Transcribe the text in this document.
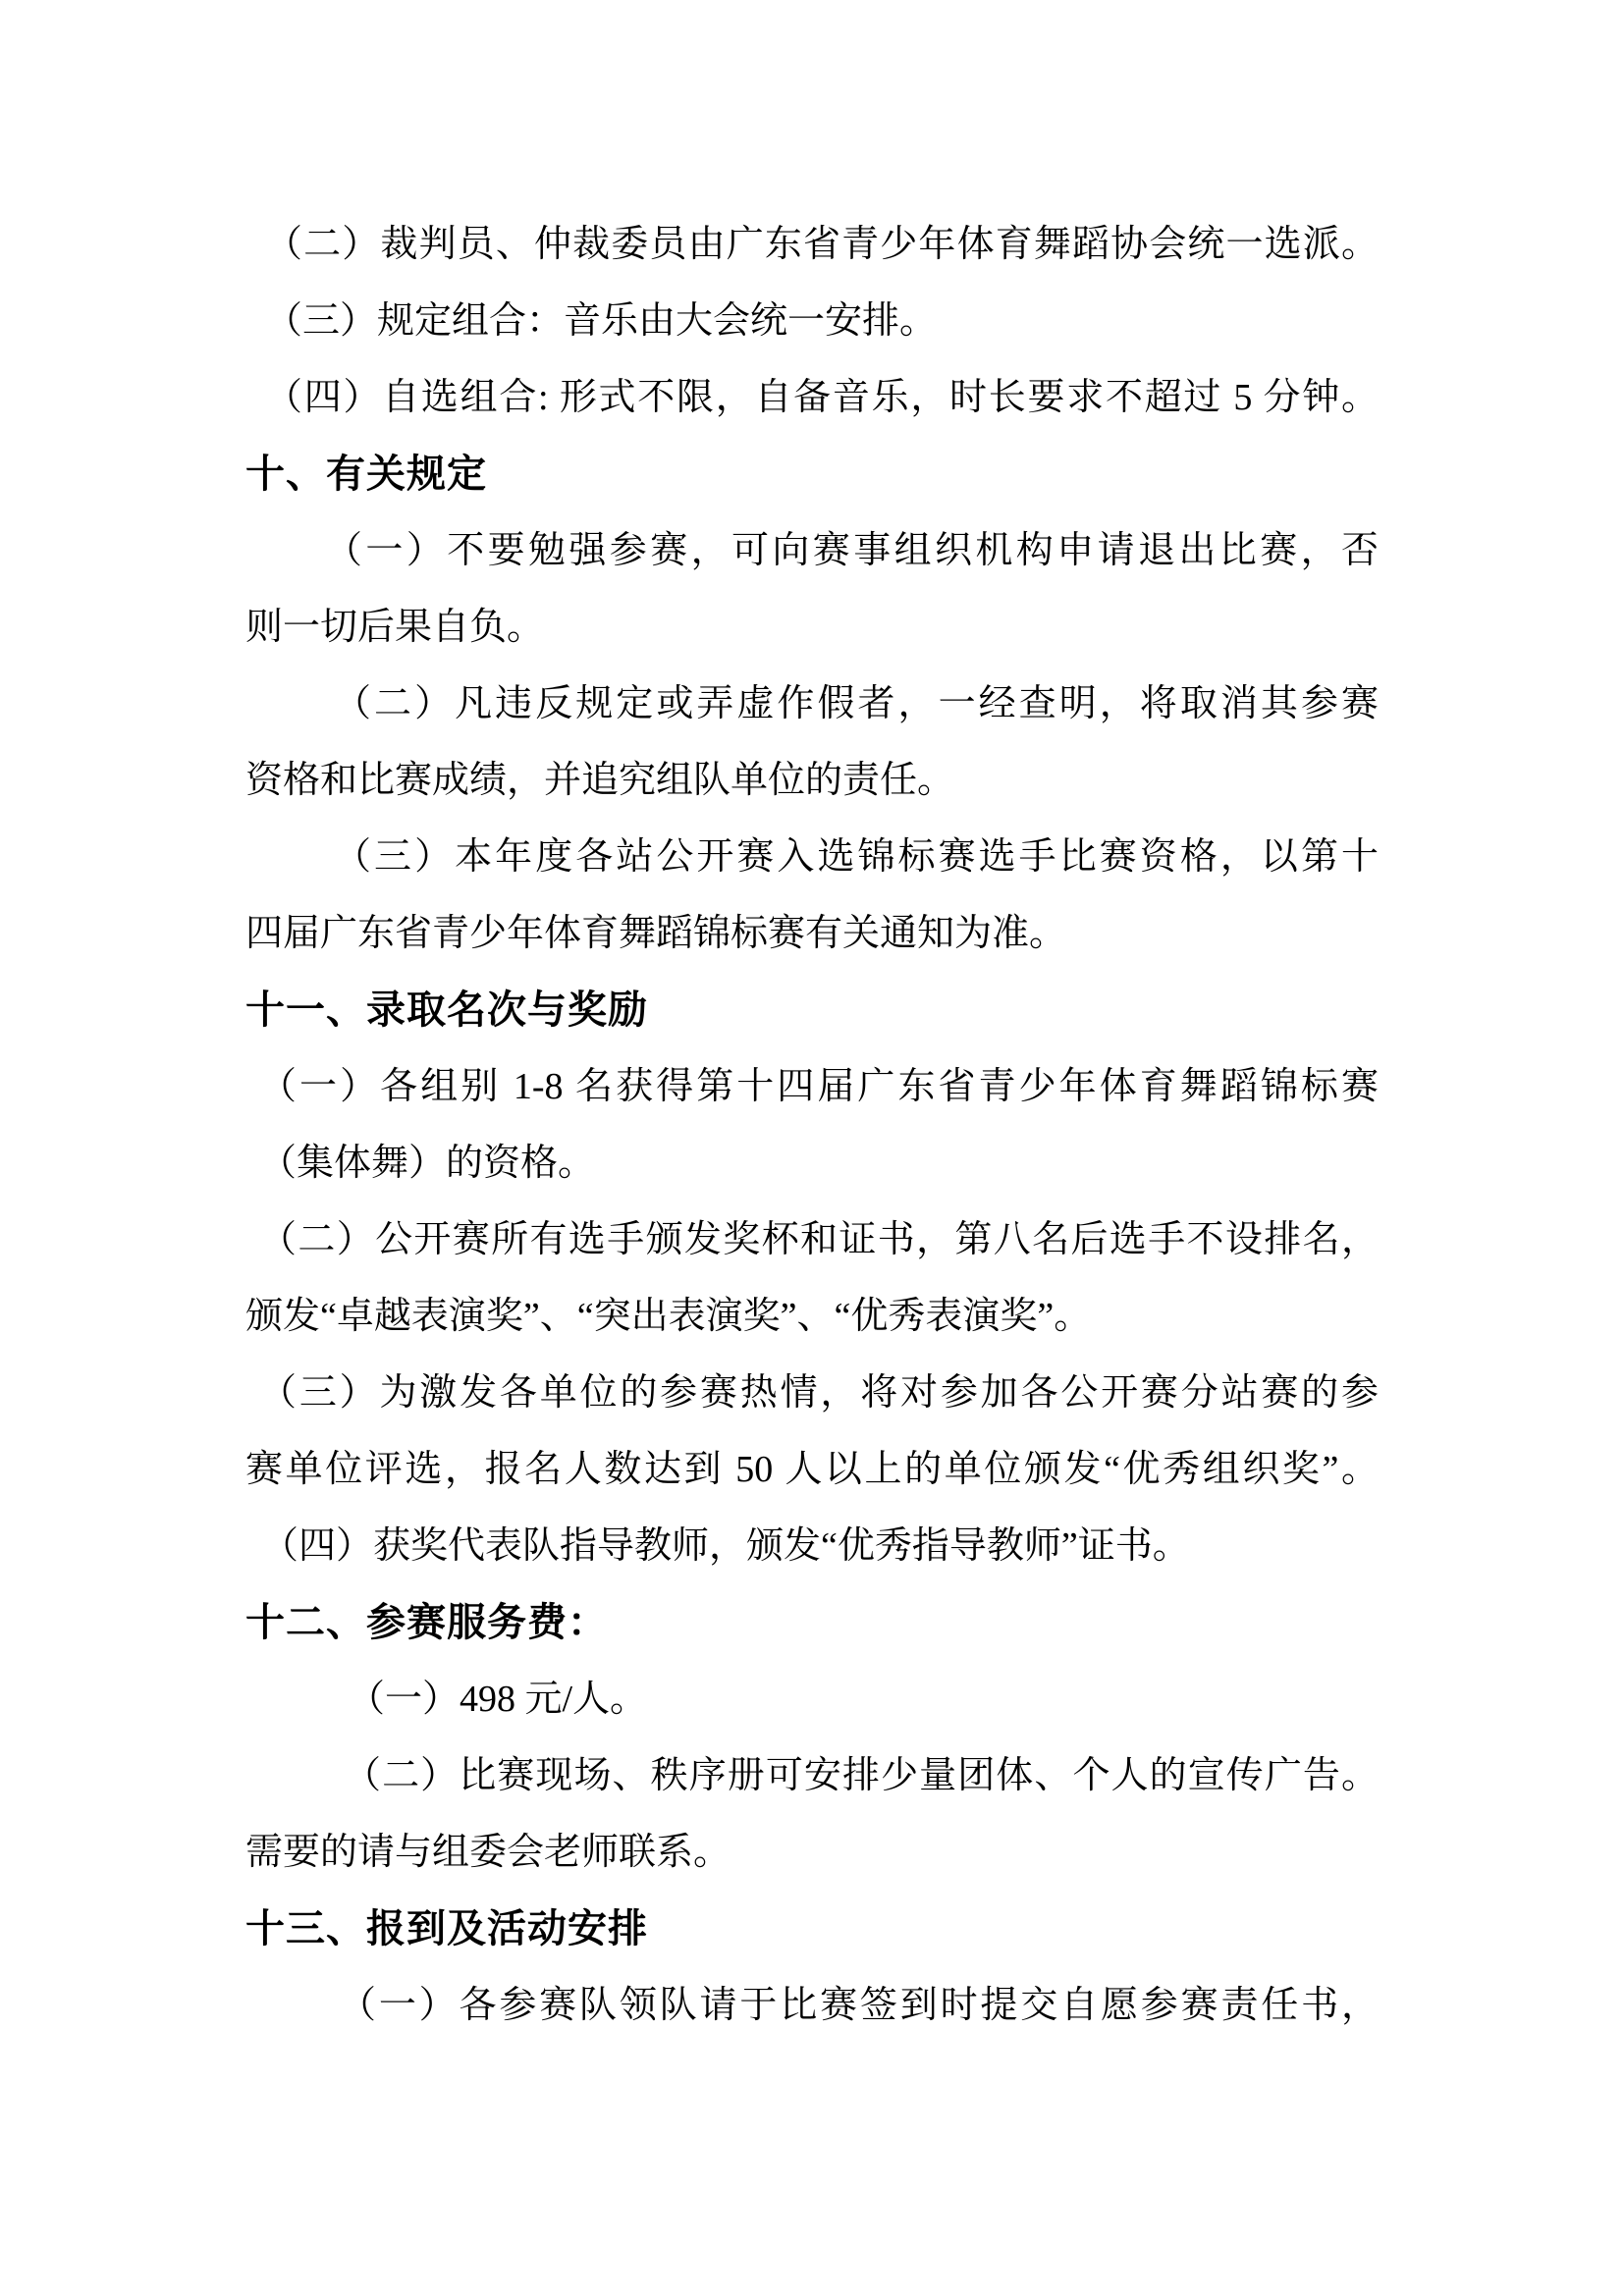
（二）裁判员、仲裁委员由广东省青少年体育舞蹈协会统一选派。
（三）规定组合：音乐由大会统一安排。
（四）自选组合: 形式不限，自备音乐，时长要求不超过 5 分钟。
十、有关规定
（一）不要勉强参赛，可向赛事组织机构申请退出比赛，否
则一切后果自负。
（二）凡违反规定或弄虚作假者，一经查明，将取消其参赛
资格和比赛成绩，并追究组队单位的责任。
（三）本年度各站公开赛入选锦标赛选手比赛资格，以第十
四届广东省青少年体育舞蹈锦标赛有关通知为准。
十一、录取名次与奖励
（一）各组别 1-8 名获得第十四届广东省青少年体育舞蹈锦标赛
（集体舞）的资格。
（二）公开赛所有选手颁发奖杯和证书，第八名后选手不设排名，
颁发“卓越表演奖”、“突出表演奖”、“优秀表演奖”。
（三）为激发各单位的参赛热情，将对参加各公开赛分站赛的参
赛单位评选，报名人数达到 50 人以上的单位颁发“优秀组织奖”。
（四）获奖代表队指导教师，颁发“优秀指导教师”证书。
十二、参赛服务费：
（一）498 元/人。
（二）比赛现场、秩序册可安排少量团体、个人的宣传广告。
需要的请与组委会老师联系。
十三、报到及活动安排
（一）各参赛队领队请于比赛签到时提交自愿参赛责任书，
